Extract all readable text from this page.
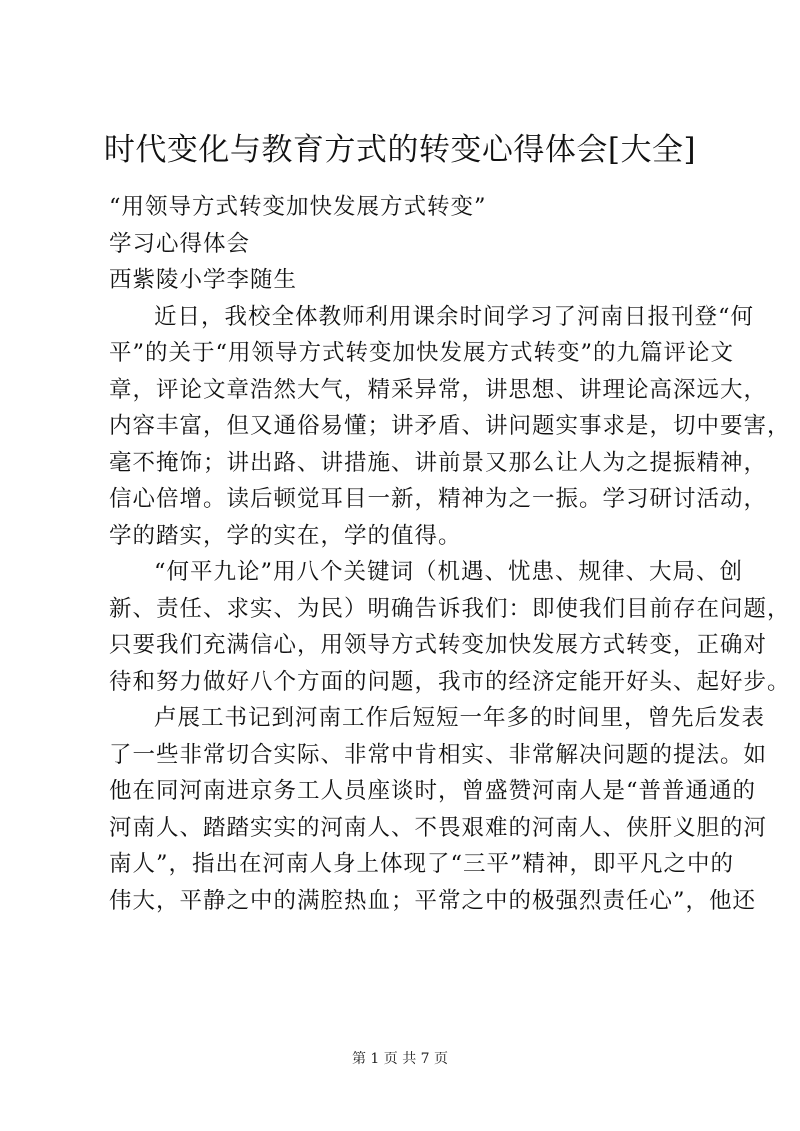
时代变化与教育方式的转变心得体会[大全]
“用领导方式转变加快发展方式转变”
学习心得体会
西紫陵小学李随生
近日，我校全体教师利用课余时间学习了河南日报刊登“何
平”的关于“用领导方式转变加快发展方式转变”的九篇评论文
章，评论文章浩然大气，精采异常，讲思想、讲理论高深远大，
内容丰富，但又通俗易懂；讲矛盾、讲问题实事求是，切中要害，
毫不掩饰；讲出路、讲措施、讲前景又那么让人为之提振精神，
信心倍增。读后顿觉耳目一新，精神为之一振。学习研讨活动，
学的踏实，学的实在，学的值得。
“何平九论”用八个关键词（机遇、忧患、规律、大局、创
新、责任、求实、为民）明确告诉我们：即使我们目前存在问题，
只要我们充满信心，用领导方式转变加快发展方式转变，正确对
待和努力做好八个方面的问题，我市的经济定能开好头、起好步。
卢展工书记到河南工作后短短一年多的时间里，曾先后发表
了一些非常切合实际、非常中肯相实、非常解决问题的提法。如
他在同河南进京务工人员座谈时，曾盛赞河南人是“普普通通的
河南人、踏踏实实的河南人、不畏艰难的河南人、侠肝义胆的河
南人”，指出在河南人身上体现了“三平”精神，即平凡之中的
伟大，平静之中的满腔热血；平常之中的极强烈责任心”，他还
第 1 页 共 7 页
